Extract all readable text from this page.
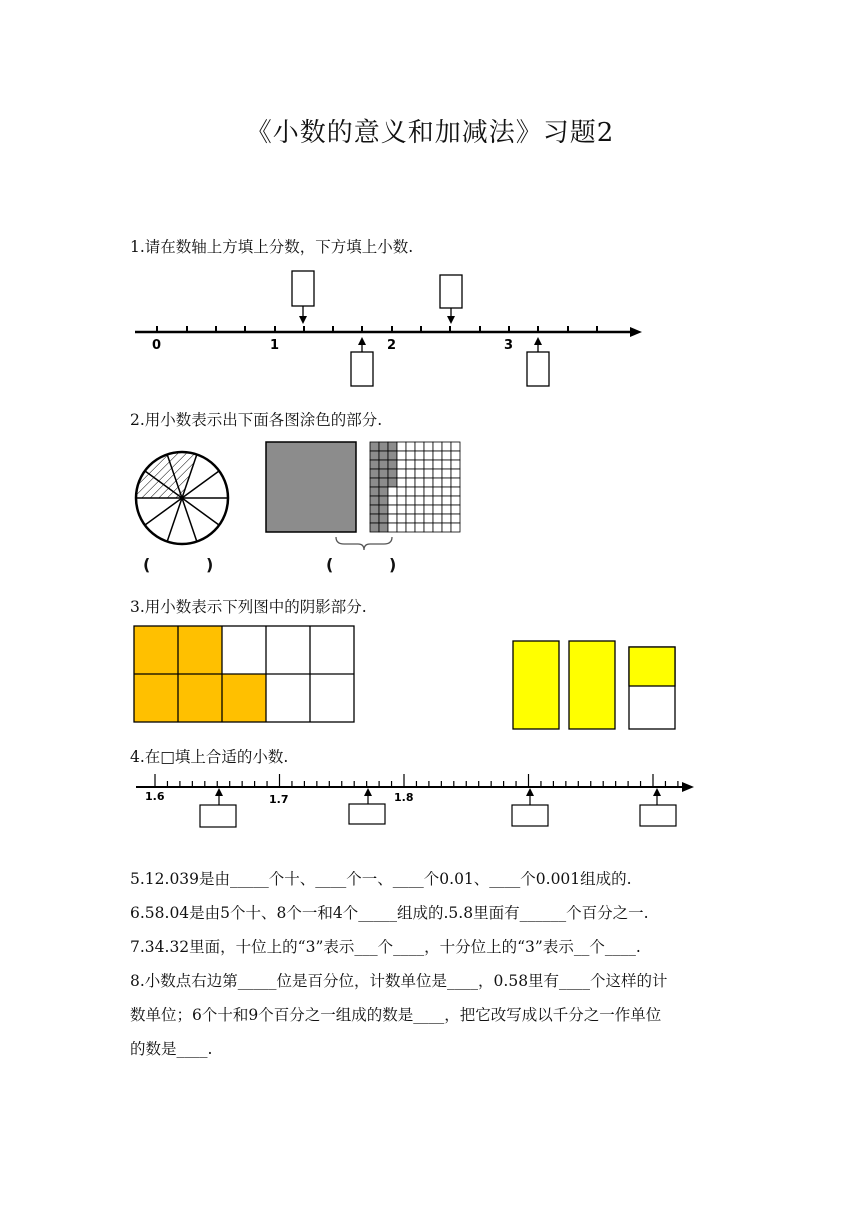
《小数的意义和加减法》习题2
1.请在数轴上方填上分数，下方填上小数.
0	1	2	3
2.用小数表示出下面各图涂色的部分.
(          )	(          )
3.用小数表示下列图中的阴影部分.
4.在□填上合适的小数.
1.6	1.7	1.8
5.12.039是由_____个十、____个一、____个0.01、____个0.001组成的.
6.58.04是由5个十、8个一和4个_____组成的.5.8里面有______个百分之一.
7.34.32里面，十位上的“3”表示___个____，十分位上的“3”表示__个____.
8.小数点右边第_____位是百分位，计数单位是____，0.58里有____个这样的计
数单位；6个十和9个百分之一组成的数是____，把它改写成以千分之一作单位
的数是____.
